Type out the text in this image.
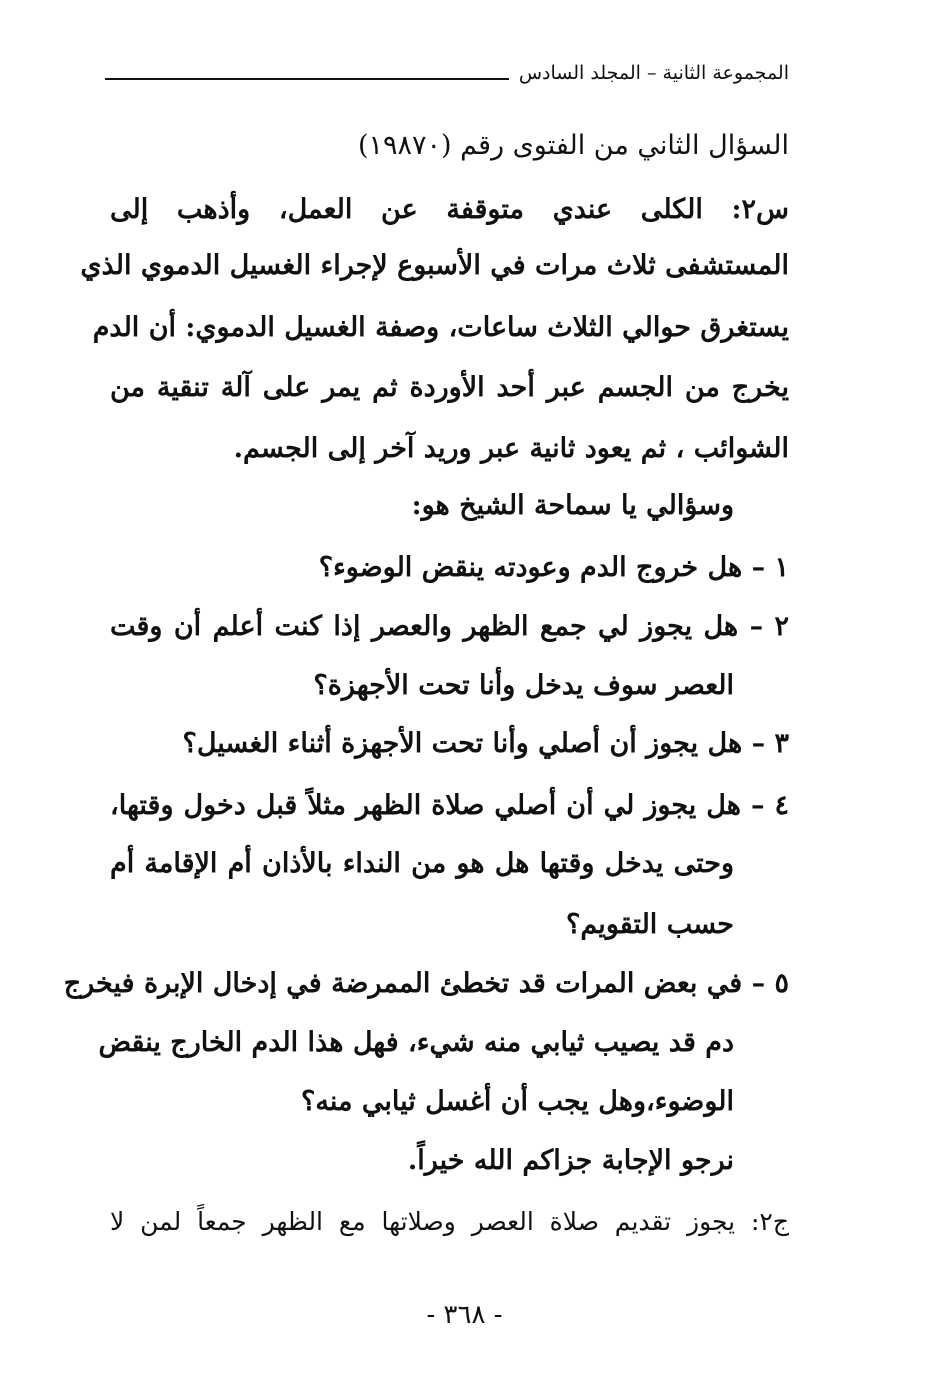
المجموعة الثانية – المجلد السادس
السؤال الثاني من الفتوى رقم (١٩٨٧٠)
س٢: الكلى عندي متوقفة عن العمل، وأذهب إلى
المستشفى ثلاث مرات في الأسبوع لإجراء الغسيل الدموي الذي
يستغرق حوالي الثلاث ساعات، وصفة الغسيل الدموي: أن الدم
يخرج من الجسم عبر أحد الأوردة ثم يمر على آلة تنقية من
الشوائب ، ثم يعود ثانية عبر وريد آخر إلى الجسم.
وسؤالي يا سماحة الشيخ هو:
١ – هل خروج الدم وعودته ينقض الوضوء؟
٢ – هل يجوز لي جمع الظهر والعصر إذا كنت أعلم أن وقت
العصر سوف يدخل وأنا تحت الأجهزة؟
٣ – هل يجوز أن أصلي وأنا تحت الأجهزة أثناء الغسيل؟
٤ – هل يجوز لي أن أصلي صلاة الظهر مثلاً قبل دخول وقتها،
وحتى يدخل وقتها هل هو من النداء بالأذان أم الإقامة أم
حسب التقويم؟
٥ – في بعض المرات قد تخطئ الممرضة في إدخال الإبرة فيخرج
دم قد يصيب ثيابي منه شيء، فهل هذا الدم الخارج ينقض
الوضوء،وهل يجب أن أغسل ثيابي منه؟
نرجو الإجابة جزاكم الله خيراً.
ج٢: يجوز تقديم صلاة العصر وصلاتها مع الظهر جمعاً لمن لا
- ٣٦٨ -
